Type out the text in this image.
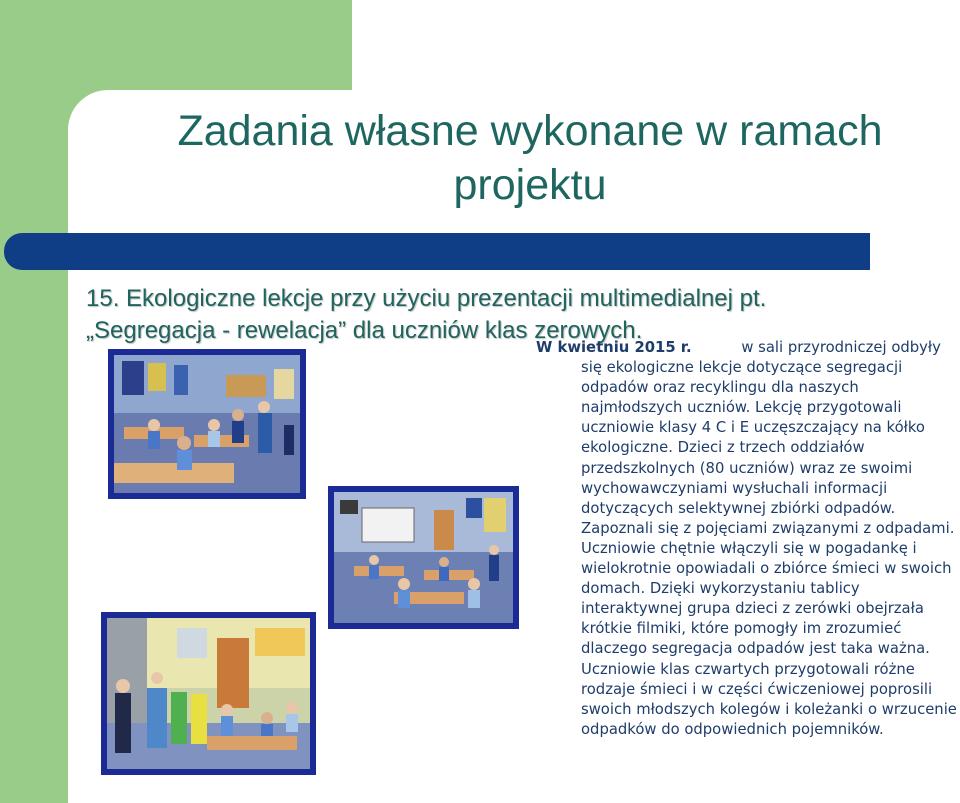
Zadania własne wykonane w ramach
projektu
15. Ekologiczne lekcje przy użyciu prezentacji multimedialnej pt.
„Segregacja - rewelacja” dla uczniów klas zerowych.
W kwietniu 2015 r.	w sali przyrodniczej odbyły się ekologiczne lekcje dotyczące segregacji odpadów oraz recyklingu dla naszych najmłodszych uczniów. Lekcję przygotowali uczniowie klasy 4 C i E uczęszczający na kółko ekologiczne. Dzieci z trzech oddziałów przedszkolnych (80 uczniów) wraz ze swoimi wychowawczyniami wysłuchali informacji dotyczących selektywnej zbiórki odpadów. Zapoznali się z pojęciami związanymi z odpadami. Uczniowie chętnie włączyli się w pogadankę i wielokrotnie opowiadali o zbiórce śmieci w swoich domach. Dzięki wykorzystaniu tablicy interaktywnej grupa dzieci z zerówki obejrzała krótkie filmiki, które pomogły im zrozumieć dlaczego segregacja odpadów jest taka ważna. Uczniowie klas czwartych przygotowali różne rodzaje śmieci i w części ćwiczeniowej poprosili swoich młodszych kolegów i koleżanki o wrzucenie odpadków do odpowiednich pojemników.
